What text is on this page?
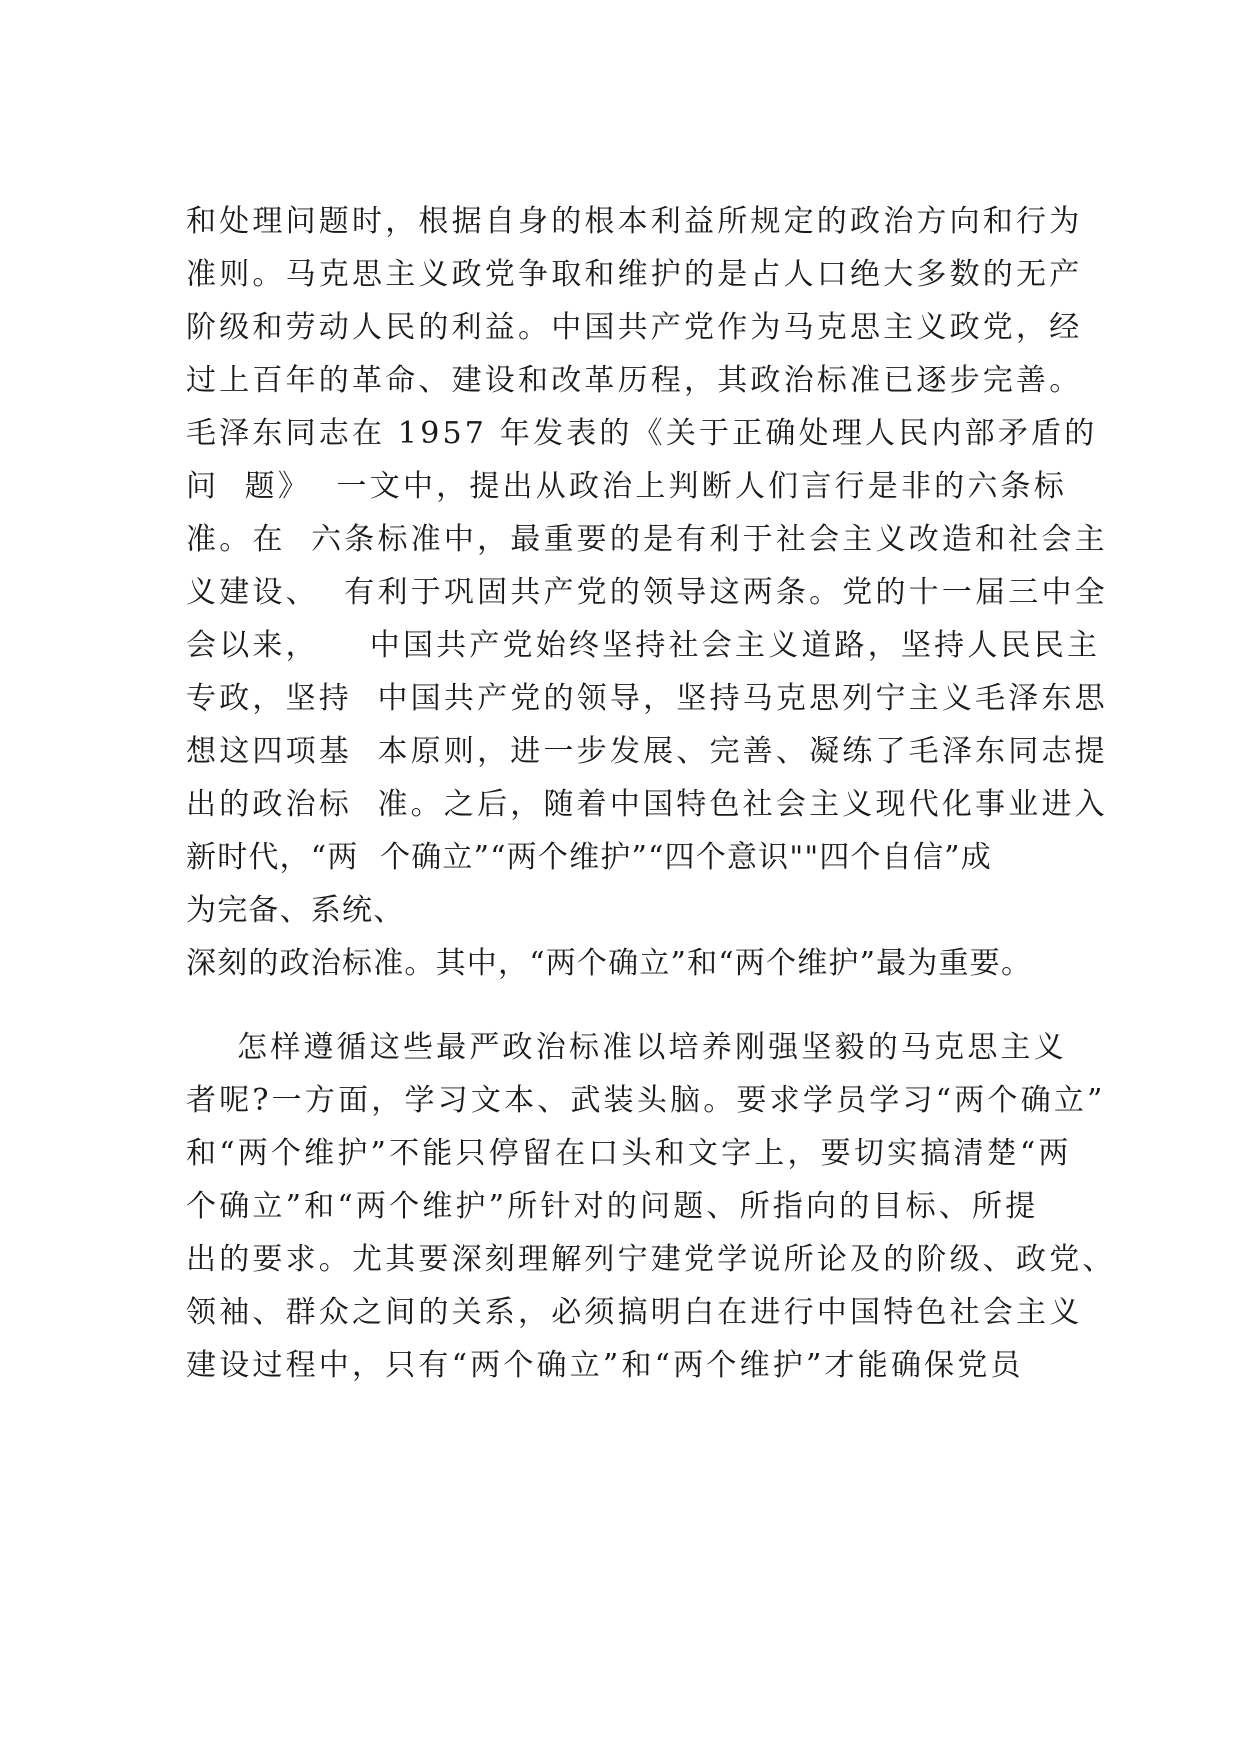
和处理问题时，根据自身的根本利益所规定的政治方向和行为
准则。马克思主义政党争取和维护的是占人口绝大多数的无产
阶级和劳动人民的利益。中国共产党作为马克思主义政党，经
过上百年的革命、建设和改革历程，其政治标准已逐步完善。
毛泽东同志在 1957 年发表的《关于正确处理人民内部矛盾的
问  题》  一文中，提出从政治上判断人们言行是非的六条标
准。在  六条标准中，最重要的是有利于社会主义改造和社会主
义建设、  有利于巩固共产党的领导这两条。党的十一届三中全
会以来，    中国共产党始终坚持社会主义道路，坚持人民民主
专政，坚持  中国共产党的领导，坚持马克思列宁主义毛泽东思
想这四项基  本原则，进一步发展、完善、凝练了毛泽东同志提
出的政治标  准。之后，随着中国特色社会主义现代化事业进入
新时代，“两  个确立”“两个维护”“四个意识""四个自信”成
为完备、系统、
深刻的政治标准。其中，“两个确立”和“两个维护”最为重要。
怎样遵循这些最严政治标准以培养刚强坚毅的马克思主义
者呢?一方面，学习文本、武装头脑。要求学员学习“两个确立”
和“两个维护”不能只停留在口头和文字上，要切实搞清楚“两
个确立”和“两个维护”所针对的问题、所指向的目标、所提
出的要求。尤其要深刻理解列宁建党学说所论及的阶级、政党、
领袖、群众之间的关系，必须搞明白在进行中国特色社会主义
建设过程中，只有“两个确立”和“两个维护”才能确保党员
